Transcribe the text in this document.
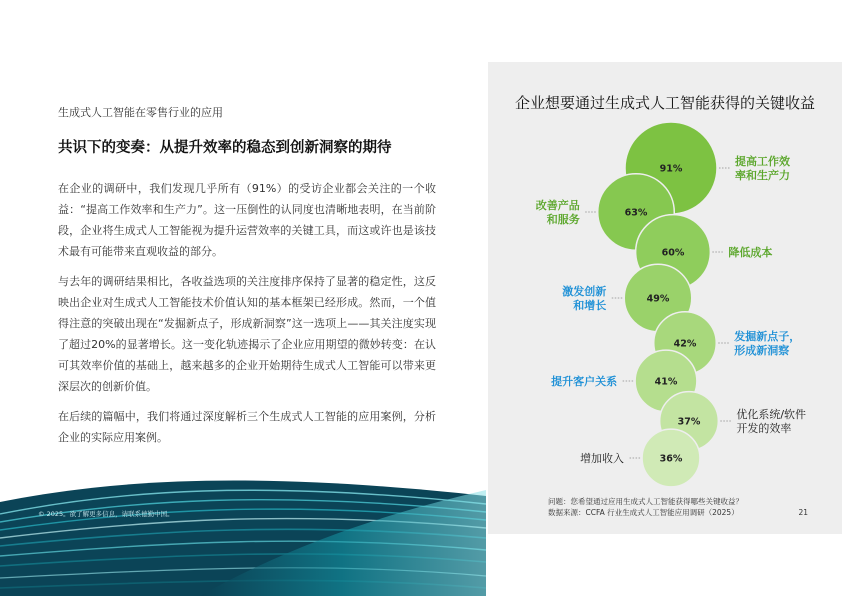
生成式人工智能在零售行业的应用
共识下的变奏：从提升效率的稳态到创新洞察的期待

在企业的调研中，我们发现几乎所有（91%）的受访企业都会关注的一个收益：“提高工作效率和生产力”。这一压倒性的认同度也清晰地表明，在当前阶段，企业将生成式人工智能视为提升运营效率的关键工具，而这或许也是该技术最有可能带来直观收益的部分。

与去年的调研结果相比，各收益选项的关注度排序保持了显著的稳定性，这反映出企业对生成式人工智能技术价值认知的基本框架已经形成。然而，一个值得注意的突破出现在“发掘新点子，形成新洞察”这一选项上——其关注度实现了超过20%的显著增长。这一变化轨迹揭示了企业应用期望的微妙转变：在认可其效率价值的基础上，越来越多的企业开始期待生成式人工智能可以带来更深层次的创新价值。

在后续的篇幅中，我们将通过深度解析三个生成式人工智能的应用案例，分析企业的实际应用案例。

© 2025。欲了解更多信息，请联系德勤中国。
企业想要通过生成式人工智能获得的关键收益
91%
提高工作效率和生产力
63%
改善产品和服务
60%	降低成本
49%
激发创新和增长
42%
发掘新点子，形成新洞察
41%
提升客户关系
37%
优化系统/软件开发的效率
36%
增加收入
问题：您希望通过应用生成式人工智能获得哪些关键收益？
数据来源：CCFA 行业生成式人工智能应用调研（2025）	21
